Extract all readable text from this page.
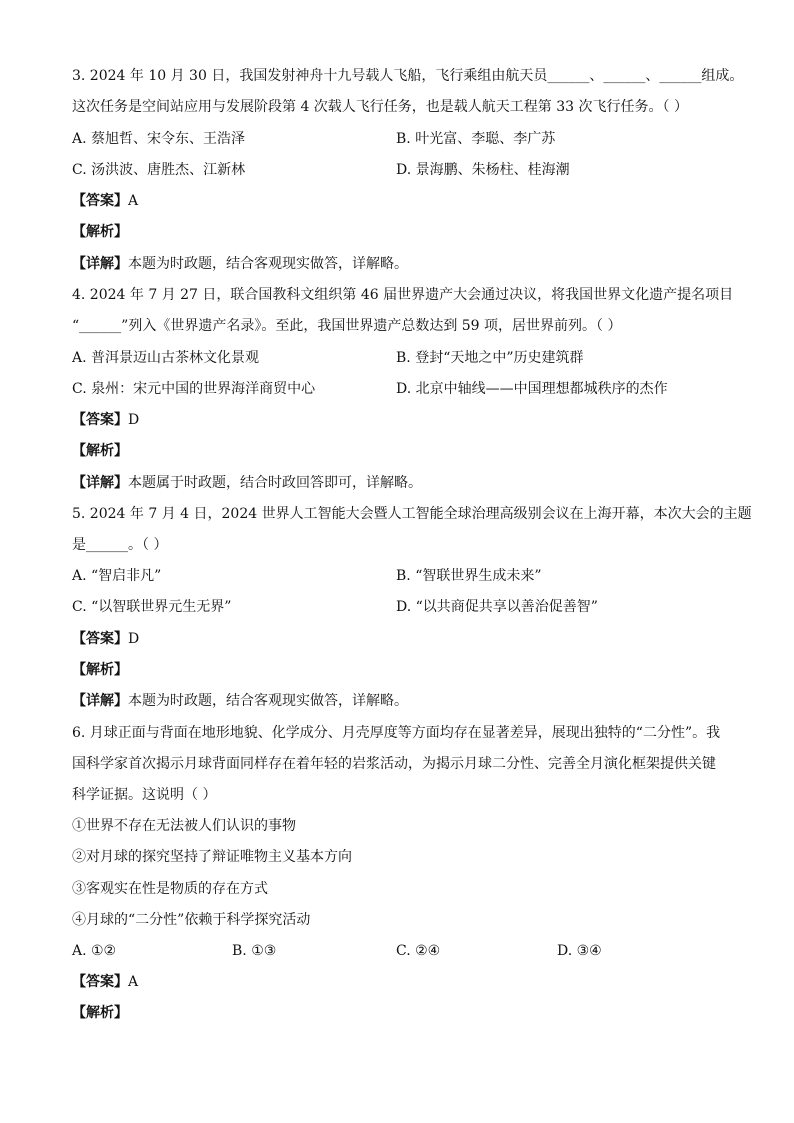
3. 2024 年 10 月 30 日，我国发射神舟十九号载人飞船，飞行乘组由航天员______、______、______组成。
这次任务是空间站应用与发展阶段第 4 次载人飞行任务，也是载人航天工程第 33 次飞行任务。（ ）
A. 蔡旭哲、宋令东、王浩泽	B. 叶光富、李聪、李广苏
C. 汤洪波、唐胜杰、江新林	D. 景海鹏、朱杨柱、桂海潮
【答案】A
【解析】
【详解】本题为时政题，结合客观现实做答，详解略。
4. 2024 年 7 月 27 日，联合国教科文组织第 46 届世界遗产大会通过决议，将我国世界文化遗产提名项目
“______”列入《世界遗产名录》。至此，我国世界遗产总数达到 59 项，居世界前列。（ ）
A. 普洱景迈山古茶林文化景观	B. 登封“天地之中”历史建筑群
C. 泉州：宋元中国的世界海洋商贸中心	D. 北京中轴线——中国理想都城秩序的杰作
【答案】D
【解析】
【详解】本题属于时政题，结合时政回答即可，详解略。
5. 2024 年 7 月 4 日，2024 世界人工智能大会暨人工智能全球治理高级别会议在上海开幕，本次大会的主题
是______。（ ）
A. “智启非凡”	B. “智联世界生成未来”
C. “以智联世界元生无界”	D. “以共商促共享以善治促善智”
【答案】D
【解析】
【详解】本题为时政题，结合客观现实做答，详解略。
6. 月球正面与背面在地形地貌、化学成分、月壳厚度等方面均存在显著差异，展现出独特的“二分性”。我
国科学家首次揭示月球背面同样存在着年轻的岩浆活动，为揭示月球二分性、完善全月演化框架提供关键
科学证据。这说明（ ）
①世界不存在无法被人们认识的事物
②对月球的探究坚持了辩证唯物主义基本方向
③客观实在性是物质的存在方式
④月球的“二分性”依赖于科学探究活动
A. ①②	B. ①③	C. ②④	D. ③④
【答案】A
【解析】
